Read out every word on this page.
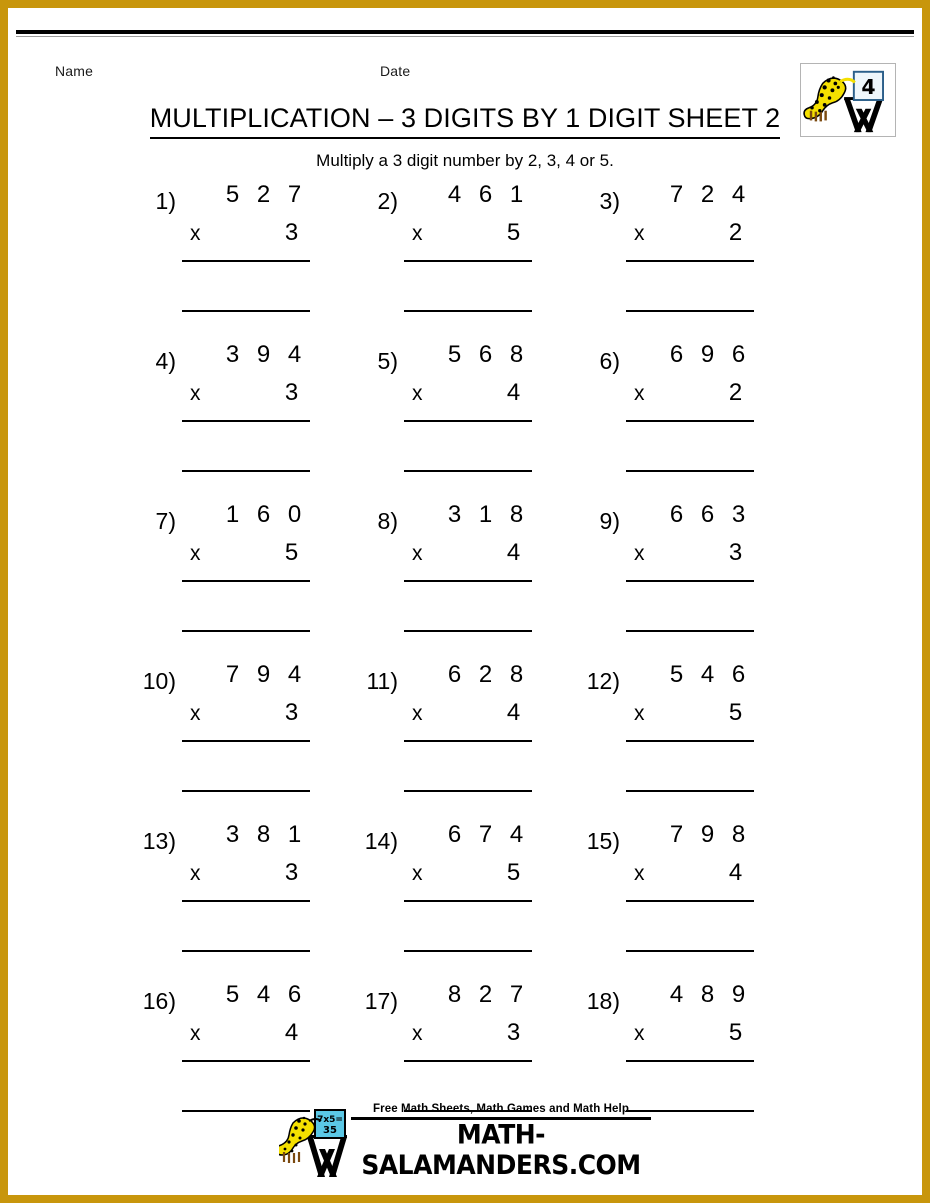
Name	Date
4
MULTIPLICATION – 3 DIGITS BY 1 DIGIT SHEET 2
Multiply a 3 digit number by 2, 3, 4 or 5.
1)	5 2 7
x	3
2)	4 6 1
x	5
3)	7 2 4
x	2
4)	3 9 4
x	3
5)	5 6 8
x	4
6)	6 9 6
x	2
7)	1 6 0
x	5
8)	3 1 8
x	4
9)	6 6 3
x	3
10)	7 9 4
x	3
11)	6 2 8
x	4
12)	5 4 6
x	5
13)	3 8 1
x	3
14)	6 7 4
x	5
15)	7 9 8
x	4
16)	5 4 6
x	4
17)	8 2 7
x	3
18)	4 8 9
x	5
7x5=
35
Free Math Sheets, Math Games and Math Help
MATH-SALAMANDERS.COM
